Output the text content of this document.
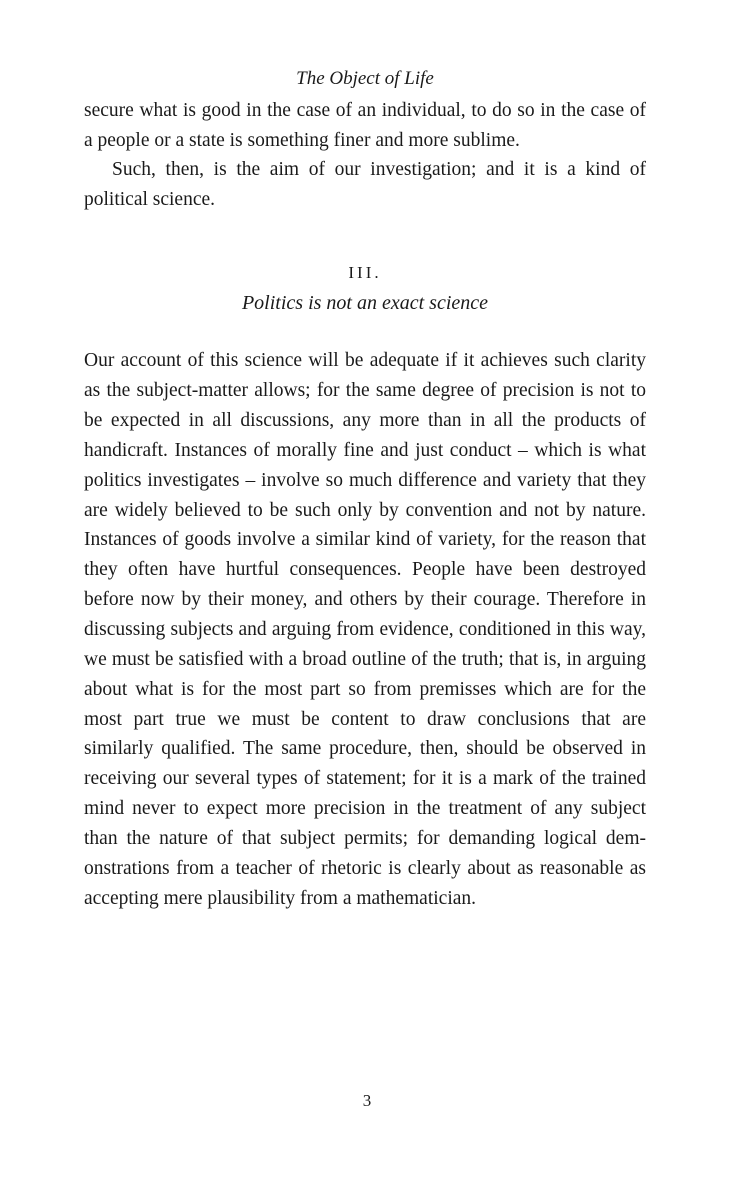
The Object of Life

secure what is good in the case of an individual, to do so in the case of a people or a state is something finer and more sublime.

Such, then, is the aim of our investigation; and it is a kind of political science.

III.
Politics is not an exact science

Our account of this science will be adequate if it achieves such clarity as the subject-matter allows; for the same degree of precision is not to be expected in all discussions, any more than in all the products of handicraft. Instances of morally fine and just conduct – which is what politics investigates – involve so much difference and variety that they are widely believed to be such only by convention and not by nature. Instances of goods involve a similar kind of variety, for the reason that they often have hurtful consequences. People have been destroyed before now by their money, and others by their courage. Therefore in discussing subjects and arguing from evidence, conditioned in this way, we must be satisfied with a broad outline of the truth; that is, in arguing about what is for the most part so from premisses which are for the most part true we must be content to draw conclusions that are similarly qualified. The same procedure, then, should be observed in receiving our several types of statement; for it is a mark of the trained mind never to expect more precision in the treatment of any subject than the nature of that subject permits; for demanding logical demonstrations from a teacher of rhetoric is clearly about as reasonable as accepting mere plausibility from a mathematician.

3
